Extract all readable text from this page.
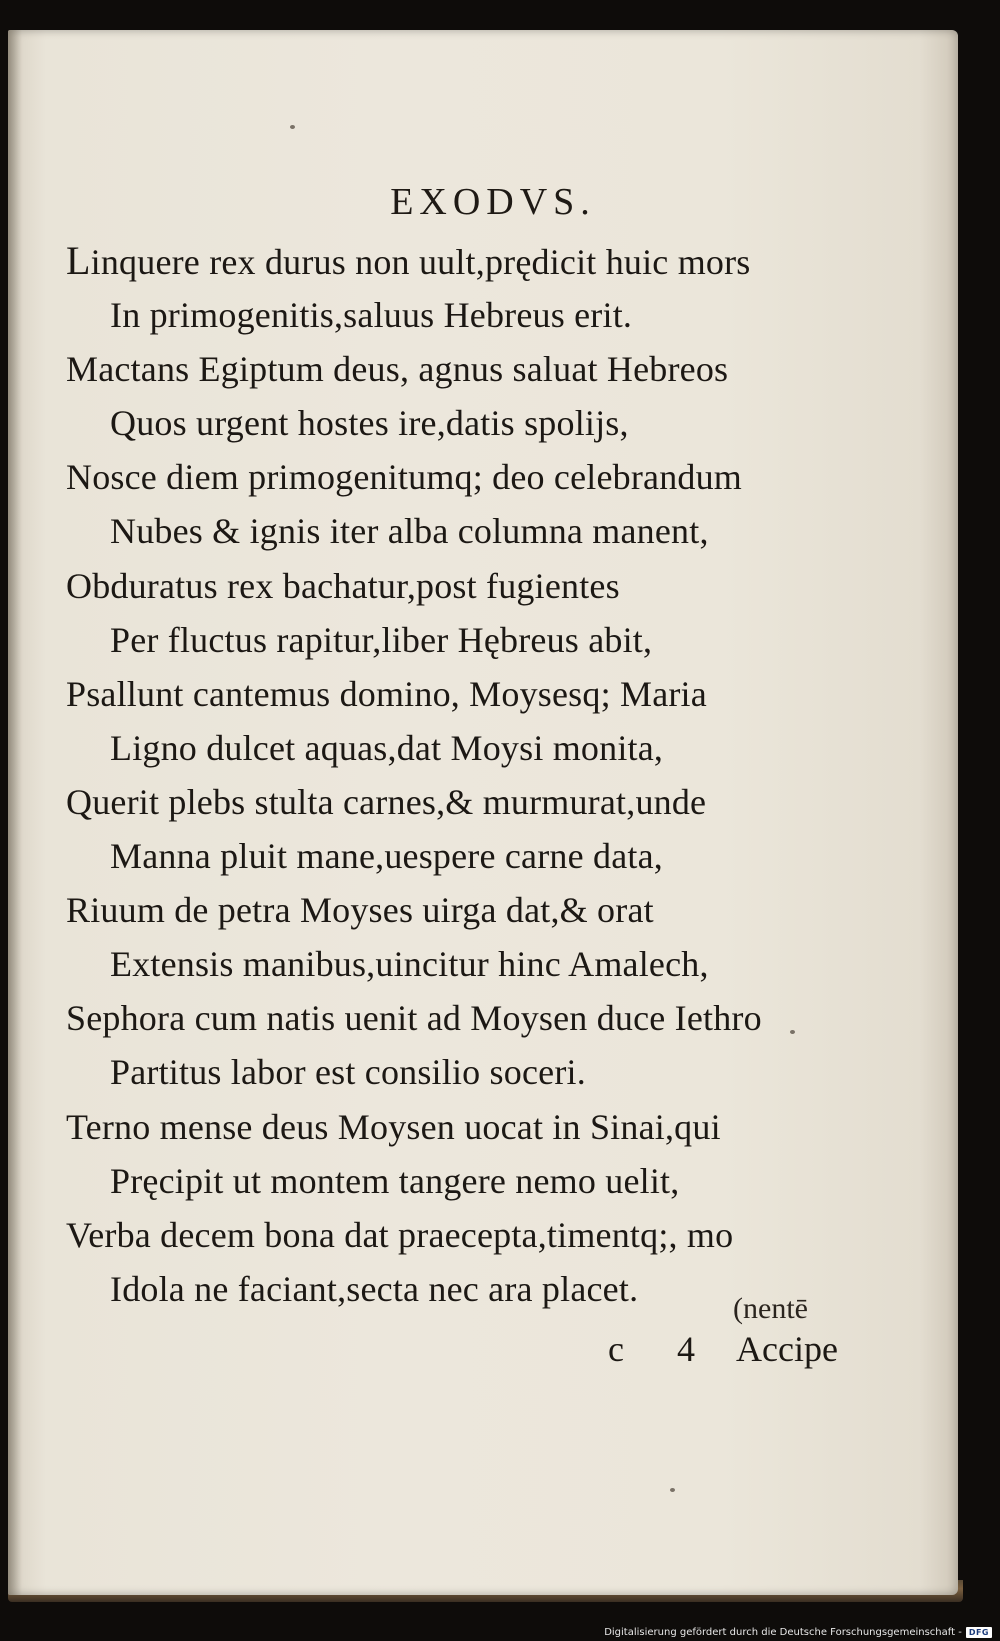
EXODVS.
Linquere rex durus non uult,prędicit huic mors
In primogenitis,saluus Hebreus erit.
Mactans Egiptum deus, agnus saluat Hebreos
Quos urgent hostes ire,datis spolijs,
Nosce diem primogenitumq; deo celebrandum
Nubes & ignis iter alba columna manent,
Obduratus rex bachatur,post fugientes
Per fluctus rapitur,liber Hębreus abit,
Psallunt cantemus domino, Moysesq; Maria
Ligno dulcet aquas,dat Moysi monita,
Querit plebs stulta carnes,& murmurat,unde
Manna pluit mane,uespere carne data,
Riuum de petra Moyses uirga dat,& orat
Extensis manibus,uincitur hinc Amalech,
Sephora cum natis uenit ad Moysen duce Iethro
Partitus labor est consilio soceri.
Terno mense deus Moysen uocat in Sinai,qui
Pręcipit ut montem tangere nemo uelit,
Verba decem bona dat praecepta,timentq;, mo
Idola ne faciant,secta nec ara placet.	(nentē
c 4 Accipe
Digitalisierung gefördert durch die Deutsche Forschungsgemeinschaft - DFG
